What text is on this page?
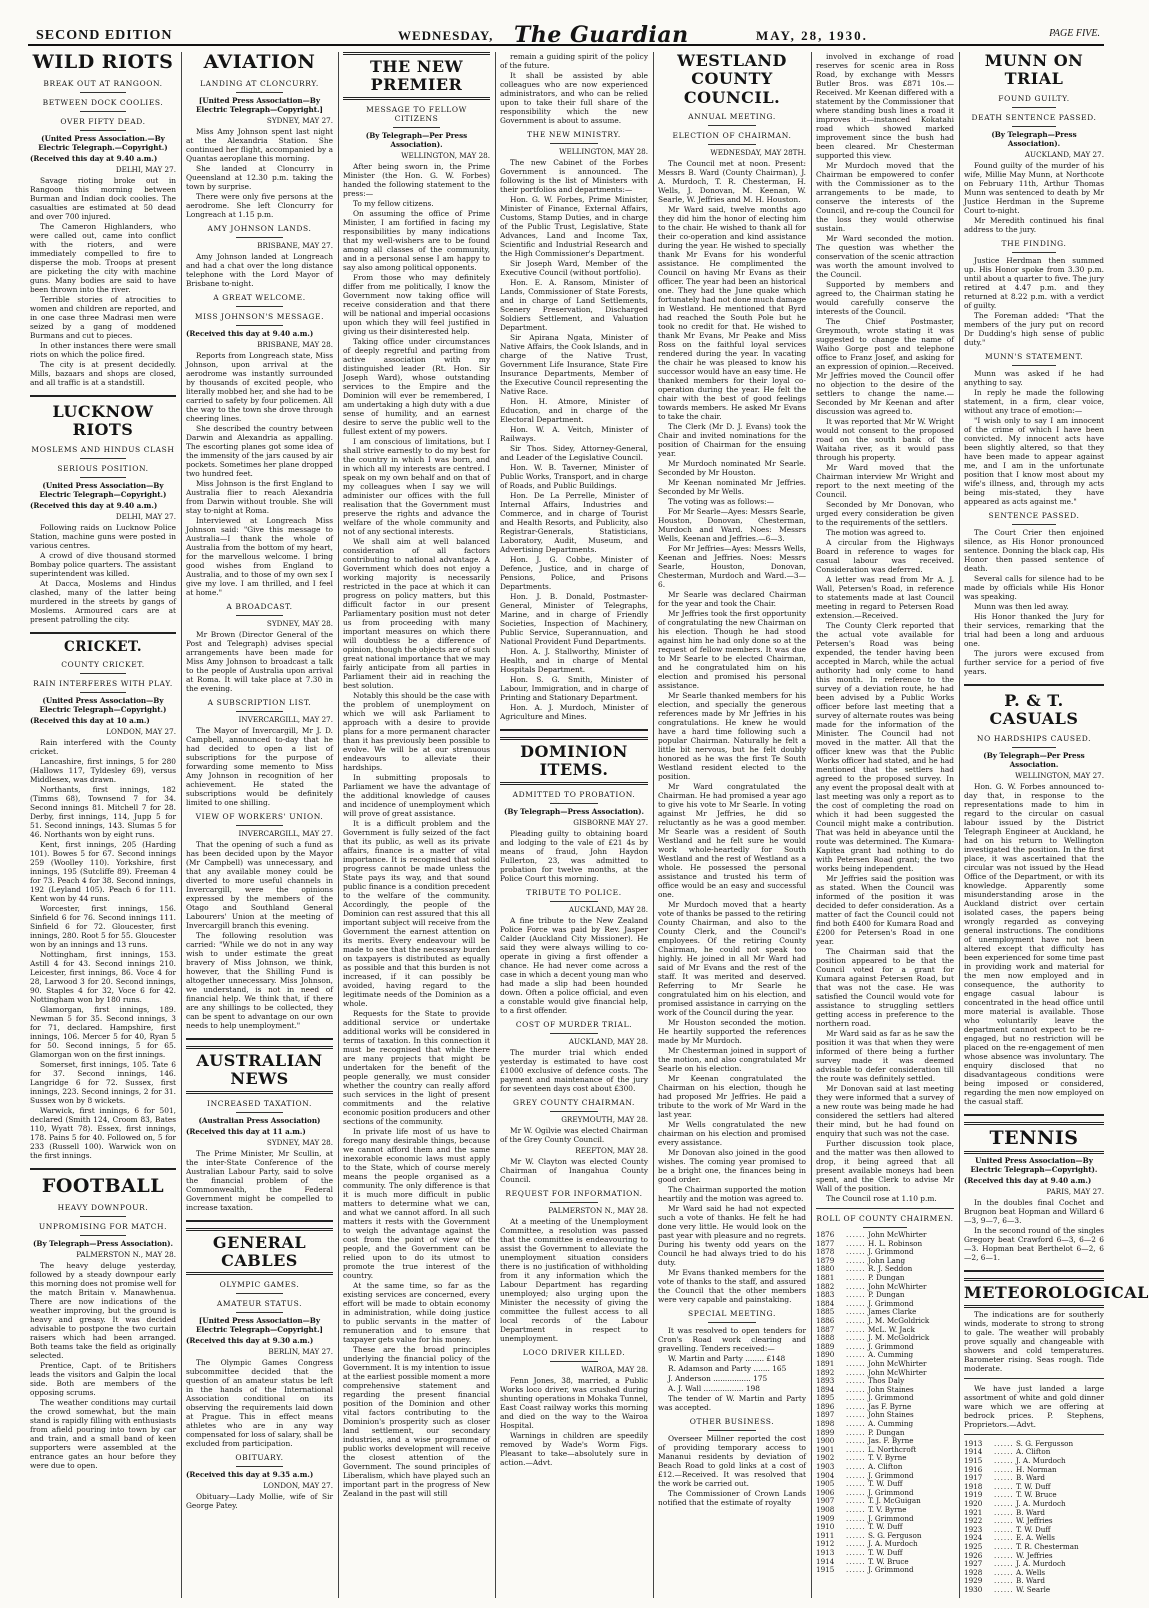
SECOND EDITION	WEDNESDAY, The Guardian	MAY, 28, 1930.	PAGE FIVE.
WILD RIOTS
BREAK OUT AT RANGOON.
BETWEEN DOCK COOLIES.
OVER FIFTY DEAD.
(United Press Association.—By Electric Telegraph.—Copyright.)
(Received this day at 9.40 a.m.)
DELHI, MAY 27.
Savage rioting broke out in Rangoon this morning between Burman and Indian dock coolies. The casualties are estimated at 50 dead and over 700 injured.
The Cameron Highlanders, who were called out, came into conflict with the rioters, and were immediately compelled to fire to disperse the mob. Troops at present are picketing the city with machine guns. Many bodies are said to have been thrown into the river.
Terrible stories of atrocities to women and children are reported, and in one case three Madrasi men were seized by a gang of moddened Burmans and cut to pieces.
In other instances there were small riots on which the police fired.
The city is at present decidedly. Mills, bazaars and shops are closed, and all traffic is at a standstill.
LUCKNOW RIOTS
MOSLEMS AND HINDUS CLASH
SERIOUS POSITION.
(United Press Association—By Electric Telegraph—Copyright.)
(Received this day at 9.40 a.m.)
DELHI, MAY 27.
Following raids on Lucknow Police Station, machine guns were posted in various centres.
A crowd of dive thousand stormed Bombay police quarters. The assistant superintendent was killed.
At Dacca, Moslems and Hindus clashed, many of the latter being murdered in the streets by gangs of Moslems. Armoured cars are at present patrolling the city.
CRICKET.
COUNTY CRICKET.
RAIN INTERFERES WITH PLAY.
(United Press Association—By Electric Telegraph—Copyright.)
(Received this day at 10 a.m.)
LONDON, MAY 27.
Rain interfered with the County cricket.
Lancashire, first innings, 5 for 280 (Hallows 117, Tyldesley 69), versus Middlesex, was drawn.
Northants, first innings, 182 (Timms 68), Townsend 7 for 34. Second innings 81. Mitchell 7 for 28. Derby, first innings, 114, Jupp 5 for 51. Second innings, 143. Slumas 5 for 46. Northants won by eight runs.
Kent, first innings, 205 (Harding 101). Bowes 5 for 67. Second innings 259 (Woolley 110). Yorkshire, first innings, 195 (Sutcliffe 89). Freeman 4 for 73. Peach 4 for 38. Second innings, 192 (Leyland 105). Peach 6 for 111. Kent won by 44 runs.
Worcester, first innings, 156. Sinfield 6 for 76. Second innings 111. Sinfield 6 for 72. Gloucester, first innings, 280. Root 5 for 55. Gloucester won by an innings and 13 runs.
Nottingham, first innings, 153. Astill 4 for 43. Second innings 210. Leicester, first innings, 86. Voce 4 for 28, Larwood 3 for 20. Second innings, 90. Staples 4 for 32, Voce 6 for 42. Nottingham won by 180 runs.
Glamorgan, first innings, 189. Newman 5 for 35. Second innings, 3 for 71, declared. Hampshire, first innings, 106. Mercer 5 for 40, Ryan 5 for 50. Second innings, 5 for 65. Glamorgan won on the first innings.
Somerset, first innings, 105. Tate 6 for 37. Second innings, 146. Langridge 6 for 72. Sussex, first innings, 223. Second innings, 2 for 31. Sussex won by 8 wickets.
Warwick, first innings, 6 for 501, declared (Smith 124, Croom 83, Bates 110, Wyatt 78). Essex, first innings, 178. Pains 5 for 40. Followed on, 5 for 233 (Russell 100). Warwick won on the first innings.
FOOTBALL
HEAVY DOWNPOUR.
UNPROMISING FOR MATCH.
(By Telegraph—Press Association).
PALMERSTON N., MAY 28.
The heavy deluge yesterday, followed by a steady downpour early this morning does not promise well for the match Britain v. Manawhenua. There are now indications of the weather improving, but the ground is heavy and greasy. It was decided advisable to postpone the two curtain raisers which had been arranged. Both teams take the field as originally selected.
Prentice, Capt. of te Britishers leads the visitors and Galpin the local side. Both are members of the opposing scrums.
The weather conditions may curtail the crowd somewhat, but the main stand is rapidly filling with enthusiasts from afield pouring into town by car and train, and a small band of keen supporters were assembled at the entrance gates an hour before they were due to open.
AVIATION
LANDING AT CLONCURRY.
[United Press Association—By Electric Telegraph—Copyright.]
SYDNEY, MAY 27.
Miss Amy Johnson spent last night at the Alexandria Station. She continued her flight, accompanied by a Quantas aeroplane this morning.
She landed at Cloncurry in Queensland at 12.30 p.m. taking the town by surprise.
There were only five persons at the aerodrome. She left Cloncurry for Longreach at 1.15 p.m.
AMY JOHNSON LANDS.
BRISBANE, MAY 27.
Amy Johnson landed at Longreach and had a chat over the long distance telephone with the Lord Mayor of Brisbane to-night.
A GREAT WELCOME.
MISS JOHNSON'S MESSAGE.
(Received this day at 9.40 a.m.)
BRISBANE, MAY 28.
Reports from Longreach state, Miss Johnson, upon arrival at the aerodrome was instantly surrounded by thousands of excited people, who literally mobbed her, and she had to be carried to safety by four policemen. All the way to the town she drove through cheering lines.
She described the country between Darwin and Alexandria as appalling. The escorting planes got some idea of the immensity of the jars caused by air pockets. Sometimes her plane dropped two hundred feet.
Miss Johnson is the first England to Australia flier to reach Alexandria from Darwin without trouble. She will stay to-night at Roma.
Interviewed at Longreach Miss Johnson said: "Give this message to Australia—I thank the whole of Australia from the bottom of my heart, for the marvellous welcome. I bring good wishes from England to Australia, and to those of my own sex I give my love. I am thrilled, and I feel at home."
A BROADCAST.
SYDNEY, MAY 28.
Mr Brown (Director General of the Post and Telegraph) advises special arrangements have been made for Miss Amy Johnson to broadcast a talk to the people of Australia upon arrival at Roma. It will take place at 7.30 in the evening.
A SUBSCRIPTION LIST.
INVERCARGILL, MAY 27.
The Mayor of Invercargill, Mr J. D. Campbell, announced to-day that he had decided to open a list of subscriptions for the purpose of forwarding some memento to Miss Amy Johnson in recognition of her achievement. He stated the subscriptions would be definitely limited to one shilling.
VIEW OF WORKERS' UNION.
INVERCARGILL, MAY 27.
That the opening of such a fund as has been decided upon by the Mayor (Mr Campbell) was unnecessary, and that any available money could be diverted to more useful channels in Invercargill, were the opinions expressed by the members of the Otago and Southland General Labourers' Union at the meeting of Invercargill branch this evening.
The following resolution was carried: "While we do not in any way wish to under estimate the great bravery of Miss Johnson, we think, however, that the Shilling Fund is altogether unnecessary. Miss Johnson, we understand, is not in need of financial help. We think that, if there are any shillings to be collected, they can be spent to advantage on our own needs to help unemployment."
AUSTRALIAN NEWS
INCREASED TAXATION.
(Australian Press Association)
(Received this day at 11 a.m.)
SYDNEY, MAY 28.
The Prime Minister, Mr Scullin, at the inter-State Conference of the Australian Labour Party, said to solve the financial problem of the Commonwealth, the Federal Government might be compelled to increase taxation.
GENERAL CABLES
OLYMPIC GAMES.
AMATEUR STATUS.
[United Press Association—By Electric Telegraph—Copyright.]
(Received this day at 9.30 a.m.)
BERLIN, MAY 27.
The Olympic Games Congress subcommittee decided that the question of an amateur status be left in the hands of the International Association conditional on its observing the requirements laid down at Prague. This in effect means athletes who are in any way compensated for loss of salary, shall be excluded from participation.
OBITUARY.
(Received this day at 9.35 a.m.)
LONDON, MAY 27.
Obituary—Lady Mollie, wife of Sir George Patey.
THE NEW PREMIER
MESSAGE TO FELLOW CITIZENS
(By Telegraph—Per Press Association).
WELLINGTON, MAY 28.
After being sworn in, the Prime Minister (the Hon. G. W. Forbes) handed the following statement to the press:—
To my fellow citizens.
On assuming the office of Prime Minister, I am fortified in facing my responsibilities by many indications that my well-wishers are to be found among all classes of the community, and in a personal sense I am happy to say also among political opponents.
From those who may definitely differ from me politically, I know the Government now taking office will receive consideration and that there will be national and imperial occasions upon which they will feel justified in giving us their disinterested help.
Taking office under circumstances of deeply regretful and parting from active association with my distinguished leader (Rt. Hon. Sir Joseph Ward), whose outstanding services to the Empire and the Dominion will ever be remembered, I am undertaking a high duty with a due sense of humility, and an earnest desire to serve the public well to the fullest extent of my powers.
I am conscious of limitations, but I shall strive earnestly to do my best for the country in which I was born, and in which all my interests are centred. I speak on my own behalf and on that of my colleagues when I say we will administer our offices with the full realisation that the Government must preserve the rights and advance the welfare of the whole community and not of any sectional interests.
We shall aim at well balanced consideration of all factors contributing to national advantage. A Government which does not enjoy a working majority is necessarily restricted in the pace at which it can progress on policy matters, but this difficult factor in our present Parliamentary position must not deter us from proceeding with many important measures on which there will doubtless be a difference of opinion, though the objects are of such great national importance that we may fairly anticipate from all parties in Parliament their aid in reaching the best solution.
Notably this should be the case with the problem of unemployment on which we will ask Parliament to approach with a desire to provide plans for a more permanent character than it has previously been possible to evolve. We will be at our strenuous endeavours to alleviate their hardships.
In submitting proposals to Parliament we have the advantage of the additional knowledge of causes and incidence of unemployment which will prove of great assistance.
It is a difficult problem and the Government is fully seized of the fact that its public, as well as its private affairs, finance is a matter of vital importance. It is recognised that solid progress cannot be made unless the State pays its way, and that sound public finance is a condition precedent to the welfare of the community. Accordingly, the people of the Dominion can rest assured that this all important subject will receive from the Government the earnest attention on its merits. Every endeavour will be made to see that the necessary burden on taxpayers is distributed as equally as possible and that this burden is not increased, if it can possibly be avoided, having regard to the legitimate needs of the Dominion as a whole.
Requests for the State to provide additional service or undertake additional works will be considered in terms of taxation. In this connection it must be recognised that while there are many projects that might be undertaken for the benefit of the people generally, we must consider whether the country can really afford such services in the light of present commitments and the relative economic position producers and other sections of the community.
In private life most of us have to forego many desirable things, because we cannot afford them and the same inexorable economic laws must apply to the State, which of course merely means the people organised as a community. The only difference is that it is much more difficult in public matters to determine what we can, and what we cannot afford. In all such matters it rests with the Government to weigh the advantage against the cost from the point of view of the people, and the Government can be relied upon to do its utmost to promote the true interest of the country.
At the same time, so far as the existing services are concerned, every effort will be made to obtain economy in administration, while doing justice to public servants in the matter of remuneration and to ensure that taxpayer gets value for his money.
These are the broad principles underlying the financial policy of the Government. It is my intention to issue at the earliest possible moment a more comprehensive statement and regarding the present financial position of the Dominion and other vital factors contributing to the Dominion's prosperity such as closer land settlement, our secondary industries, and a wise programme of public works development will receive the closest attention of the Government. The sound principles of Liberalism, which have played such an important part in the progress of New Zealand in the past will still
remain a guiding spirit of the policy of the future.
It shall be assisted by able colleagues who are now experienced administrators, and who can be relied upon to take their full share of the responsibility which the new Government is about to assume.
THE NEW MINISTRY.
WELLINGTON, MAY 28.
The new Cabinet of the Forbes Government is announced. The following is the list of Ministers with their portfolios and departments:—
Hon. G. W. Forbes, Prime Minister, Minister of Finance, External Affairs, Customs, Stamp Duties, and in charge of the Public Trust, Legislative, State Advances, Land and Income Tax, Scientific and Industrial Research and the High Commissioner's Department.
Sir Joseph Ward, Member of the Executive Council (without portfolio).
Hon. E. A. Ransom, Minister of Lands, Commissioner of State Forests, and in charge of Land Settlements, Scenery Preservation, Discharged Soldiers Settlement, and Valuation Department.
Sir Apirana Ngata, Minister of Native Affairs, the Cook Islands, and in charge of the Native Trust, Government Life Insurance, State Fire Insurance Departments, Member of the Executive Council representing the Native Race.
Hon. H. Atmore, Minister of Education, and in charge of the Electoral Department.
Hon. W. A. Veitch, Minister of Railways.
Sir Thos. Sidey, Attorney-General, and Leader of the Legislative Council.
Hon. W. B. Taverner, Minister of Public Works, Transport, and in charge of Roads, and Public Buildings.
Hon. De La Perrelle, Minister of Internal Affairs, Industries and Commerce, and in charge of Tourist and Health Resorts, and Publicity, also Registrar-Generals, Statisticians, Laboratory, Audit, Museum, and Advertising Departments.
Hon. J. G. Cobbe, Minister of Defence, Justice, and in charge of Pensions, Police, and Prisons Departments.
Hon. J. B. Donald, Postmaster-General, Minister of Telegraphs, Marine, and in charge of Friendly Societies, Inspection of Machinery, Public Service, Superannuation, and National Provident Fund Departments.
Hon. A. J. Stallworthy, Minister of Health, and in charge of Mental Hospitals Department.
Hon. S. G. Smith, Minister of Labour, Immigration, and in charge of Printing and Stationary Department.
Hon. A. J. Murdoch, Minister of Agriculture and Mines.
DOMINION ITEMS.
ADMITTED TO PROBATION.
(By Telegraph—Press Association).
GISBORNE MAY 27.
Pleading guilty to obtaining board and lodging to the vale of £21 4s by means of fraud, John Haydon Fullerton, 23, was admitted to probation for twelve months, at the Police Court this morning.
TRIBUTE TO POLICE.
AUCKLAND, MAY 28.
A fine tribute to the New Zealand Police Force was paid by Rev. Jasper Calder (Auckland City Missioner). He said they were always willing to co-operate in giving a first offender a chance. He had never come across a case in which a decent young man who had made a slip had been hounded down. Often a police official, and even a constable would give financial help, to a first offender.
COST OF MURDER TRIAL.
AUCKLAND, MAY 28.
The murder trial which ended yesterday is estimated to have cost £1000 exclusive of defence costs. The payment and maintenance of the jury for seventeen days cost about £300.
GREY COUNTY CHAIRMAN.
GREYMOUTH, MAY 28.
Mr W. Ogilvie was elected Chairman of the Grey County Council.
REEFTON, MAY 28.
Mr W. Clayton was elected County Chairman of Inangahua County Council.
REQUEST FOR INFORMATION.
PALMERSTON N., MAY 28.
At a meeting of the Unemployment Committee, a resolution was passed that the committee is endeavouring to assist the Government to alleviate the unemployment situation considers there is no justification of withholding from it any information which the Labour Department has regarding unemployed; also urging upon the Minister the necessity of giving the committee the fullest access to all local records of the Labour Department in respect to unemployment.
LOCO DRIVER KILLED.
WAIROA, MAY 28.
Fenn Jones, 38, married, a Public Works loco driver, was crushed during shunting operations in Mohaka Tunnel, East Coast railway works this morning and died on the way to the Wairoa Hospital.
Warnings in children are speedily removed by Wade's Worm Figs. Pleasant to take—absolutely sure in action.—Advt.
WESTLAND COUNTY COUNCIL.
ANNUAL MEETING.
ELECTION OF CHAIRMAN.
WEDNESDAY, MAY 28TH.
The Council met at noon. Present: Messrs B. Ward (County Chairman), J. A. Murdoch, T. R. Chesterman, H. Wells, J. Donovan, M. Keenan, W. Searle, W. Jeffries and M. H. Houston.
Mr Ward said, twelve months ago they did him the honor of electing him to the chair. He wished to thank all for their co-operation and kind assistance during the year. He wished to specially thank Mr Evans for his wonderful assistance. He complimented the Council on having Mr Evans as their officer. The year had been an historical one. They had the June quake which fortunately had not done much damage in Westland. He mentioned that Byrd had reached the South Pole but he took no credit for that. He wished to thank Mr Evans, Mr Peake and Miss Ross on the faithful loyal services rendered during the year. In vacating the chair he was pleased to know his successor would have an easy time. He thanked members for their loyal co-operation during the year. He felt the chair with the best of good feelings towards members. He asked Mr Evans to take the chair.
The Clerk (Mr D. J. Evans) took the Chair and invited nominations for the position of Chairman for the ensuing year.
Mr Murdoch nominated Mr Searle. Seconded by Mr Houston.
Mr Keenan nominated Mr Jeffries. Seconded by Mr Wells.
The voting was as follows:—
For Mr Searle—Ayes: Messrs Searle, Houston, Donovan, Chesterman, Murdoch and Ward. Noes: Messrs Wells, Keenan and Jeffries.—6—3.
For Mr Jeffries—Ayes: Messrs Wells, Keenan and Jeffries. Noes: Messrs Searle, Houston, Donovan, Chesterman, Murdoch and Ward.—3—6.
Mr Searle was declared Chairman for the year and took the Chair.
Mr Jeffries took the first opportunity of congratulating the new Chairman on his election. Though he had stood against him he had only done so at the request of fellow members. It was due to Mr Searle to be elected Chairman, and he congratulated him on his election and promised his personal assistance.
Mr Searle thanked members for his election, and specially the generous references made by Mr Jeffries in his congratulations. He knew he would have a hard time following such a popular Chairman. Naturally he felt a little bit nervous, but he felt doubly honored as he was the first Te South Westland resident elected to the position.
Mr Ward congratulated the Chairman. He had promised a year ago to give his vote to Mr Searle. In voting against Mr Jeffries, he did so reluctantly as he was a good member. Mr Searle was a resident of South Westland and he felt sure he would work whole-heartedly for South Westland and the rest of Westland as a whole. He possessed the personal assistance and trusted his term of office would be an easy and successful one.
Mr Murdoch moved that a hearty vote of thanks be passed to the retiring County Chairman, and also to the County Clerk, and the Council's employees. Of the retiring County Chairman, he could not speak too highly. He joined in all Mr Ward had said of Mr Evans and the rest of the staff. It was merited and deserved. Referring to Mr Searle he congratulated him on his election, and promised assistance in carrying on the work of the Council during the year.
Mr Houston seconded the motion. He heartily supported the references made by Mr Murdoch.
Mr Chesterman joined in support of the motion, and also congratulated Mr Searle on his election.
Mr Keenan congratulated the Chairman on his election, though he had proposed Mr Jeffries. He paid a tribute to the work of Mr Ward in the last year.
Mr Wells congratulated the new chairman on his election and promised every assistance.
Mr Donovan also joined in the good wishes. The coming year promised to be a bright one, the finances being in good order.
The Chairman supported the motion heartily and the motion was agreed to.
Mr Ward said he had not expected such a vote of thanks. He felt he had done very little. He would look on the past year with pleasure and no regrets. During his twenty odd years on the Council he had always tried to do his duty.
Mr Evans thanked members for the vote of thanks to the staff, and assured the Council that the other members were very capable and painstaking.
SPECIAL MEETING.
It was resolved to open tenders for Cron's Road work clearing and gravelling. Tenders received:—
W. Martin and Party ........ £148
R. Adamson and Party ....... 165
J. Anderson ................ 175
A. J. Wall ................. 198
The tender of W. Martin and Party was accepted.
OTHER BUSINESS.
Overseer Millner reported the cost of providing temporary access to Mananui residents by deviation of Beach Road to gold links at a cost of £12.—Received. It was resolved that the work be carried out.
The Commissioner of Crown Lands notified that the estimate of royalty
involved in exchange of road reserves for scenic area in Ross Road, by exchange with Messrs Butler Bros. was £871 10s.—Received. Mr Keenan differed with a statement by the Commissioner that where standing bush lines a road it improves it—instanced Kokatahi road which showed marked improvement since the bush had been cleared. Mr Chesterman supported this view.
Mr Murdoch moved that the Chairman be empowered to confer with the Commissioner as to the arrangements to be made, to conserve the interests of the Council, and re-coup the Council for the loss they would otherwise sustain.
Mr Ward seconded the motion. The question was whether the conservation of the scenic attraction was worth the amount involved to the Council.
Supported by members and agreed to, the Chairman stating he would carefully conserve the interests of the Council.
The Chief Postmaster, Greymouth, wrote stating it was suggested to change the name of Waiho Gorge post and telephone office to Franz Josef, and asking for an expression of opinion.—Received. Mr Jeffries moved the Council offer no objection to the desire of the settlers to change the name.—Seconded by Mr Keenan and after discussion was agreed to.
It was reported that Mr W. Wright would not consent to the proposed road on the south bank of the Waitaha river, as it would pass through his property.
Mr Ward moved that the Chairman interview Mr Wright and report to the next meeting of the Council.
Seconded by Mr Donovan, who urged every consideration be given to the requirements of the settlers.
The motion was agreed to.
A circular from the Highways Board in reference to wages for casual labour was received. Consideration was deferred.
A letter was read from Mr A. J. Wall, Petersen's Road, in reference to statements made at last Council meeting in regard to Petersen Road extension.—Received.
The County Clerk reported that the actual vote available for Petersen's Road was being expended, the tender having been accepted in March, while the actual authority had only come to hand this month. In reference to the survey of a deviation route, he had been advised by a Public Works officer before last meeting that a survey of alternate routes was being made for the information of the Minister. The Council had not moved in the matter. All that the officer knew was that the Public Works officer had stated, and he had mentioned that the settlers had agreed to the proposed survey. In any event the proposal dealt with at last meeting was only a report as to the cost of completing the road on which it had been suggested the Council might make a contribution. That was held in abeyance until the route was determined. The Kumara-Kapitea grant had nothing to do with Petersen Road grant; the two works being independent.
Mr Jeffries said the position was as stated. When the Council was informed of the position it was decided to defer consideration. As a matter of fact the Council could not find both £400 for Kumara Road and £200 for Petersen's Road in one year.
The Chairman said that the position appeared to be that the Council voted for a grant for Kumara against Petersen Road, but that was not the case. He was satisfied the Council would vote for assistance to struggling settlers getting access in preference to the northern road.
Mr Ward said as far as he saw the position it was that when they were informed of there being a further survey made it was deemed advisable to defer consideration till the route was definitely settled.
Mr Donovan said at last meeting they were informed that a survey of a new route was being made he had considered the settlers had altered their mind, but he had found on enquiry that such was not the case.
Further discussion took place, and the matter was then allowed to drop, it being agreed that all present available moneys had been spent, and the Clerk to advise Mr Wall of the position.
The Council rose at 1.10 p.m.
ROLL OF COUNTY CHAIRMEN.
1876	......	John McWhirter
1877	......	H. L. Robinson
1878	......	J. Grimmond
1879	......	John Lang
1880	......	R. J. Seddon
1881	......	P. Dungan
1882	......	John McWhirter
1883	......	P. Dungan
1884	......	J. Grimmond
1885	......	James Clarke
1886	......	J. M. McGoldrick
1887	......	McL. W. Jack
1888	......	J. M. McGoldrick
1889	......	J. Grimmond
1890	......	A. Cumming
1891	......	John McWhirter
1892	......	John McWhirter
1893	......	Thos Daly
1894	......	John Staines
1895	......	J. Grimmond
1896	......	Jas F. Byrne
1897	......	John Staines
1898	......	A. Cumming
1899	......	P. Dungan
1900	......	Jas. F. Byrne
1901	......	L. Northcroft
1902	......	T. V. Byrne
1903	......	A. Clifton
1904	......	J. Grimmond
1905	......	T. W. Duff
1906	......	J. Grimmond
1907	......	T. J. McGuigan
1908	......	T. V. Byrne
1909	......	J. Grimmond
1910	......	T. W. Duff
1911	......	S. G. Ferguson
1912	......	J. A. Murdoch
1913	......	T. W. Duff
1914	......	T. W. Bruce
1915	......	J. Grimmond
MUNN ON TRIAL
FOUND GUILTY.
DEATH SENTENCE PASSED.
(By Telegraph—Press Association).
AUCKLAND, MAY 27.
Found guilty of the murder of his wife, Millie May Munn, at Northcote on February 11th, Arthur Thomas Munn was sentenced to death by Mr Justice Herdman in the Supreme Court to-night.
Mr Meredith continued his final address to the jury.
THE FINDING.
Justice Herdman then summed up. His Honor spoke from 3.30 p.m. until about a quarter to five. The jury retired at 4.47 p.m. and they returned at 8.22 p.m. with a verdict of guilty.
The Foreman added: "That the members of the jury put on record Dr Dudding's high sense of public duty."
MUNN'S STATEMENT.
Munn was asked if he had anything to say.
In reply he made the following statement, in a firm, clear voice, without any trace of emotion:—
"I wish only to say I am innocent of the crime of which I have been convicted. My innocent acts have been slightly altered, so that they have been made to appear against me, and I am in the unfortunate position that I know most about my wife's illness, and, through my acts being mis-stated, they have appeared as acts against me."
SENTENCE PASSED.
The Court Crier then enjoined silence, as His Honor pronounced sentence. Donning the black cap, His Honor then passed sentence of death.
Several calls for silence had to be made by officials while His Honor was speaking.
Munn was then led away.
His Honor thanked the Jury for their services, remarking that the trial had been a long and arduous one.
The jurors were excused from further service for a period of five years.
P. & T. CASUALS
NO HARDSHIPS CAUSED.
(By Telegraph—Per Press Association.
WELLINGTON, MAY 27.
Hon. G. W. Forbes announced to-day that, in response to the representations made to him in regard to the circular on casual labour issued by the District Telegraph Engineer at Auckland, he had on his return to Wellington investigated the position. In the first place, it was ascertained that the circular was not issued by the Head Office of the Department, or with its knowledge. Apparently some misunderstanding arose in the Auckland district over certain isolated cases, the papers being wrongly regarded as conveying general instructions. The conditions of unemployment have not been altered except that difficulty has been experienced for some time past in providing work and material for the men now employed and in consequence, the authority to engage casual labour is concentrated in the head office until more material is available. Those who voluntarily leave the department cannot expect to be re-engaged, but no restriction will be placed on the re-engagement of men whose absence was involuntary. The enquiry disclosed that no disadvantageous conditions were being imposed or considered, regarding the men now employed on the casual staff.
TENNIS
United Press Association—By Electric Telegraph—Copyright).
(Received this day at 9.40 a.m.)
PARIS, MAY 27.
In the doubles final Cochet and Brugnon beat Hopman and Willard 6—3, 9—7, 6—3.
In the second round of the singles Gregory beat Crawford 6—3, 6—2 6—3. Hopman beat Berthelot 6—2, 6—2, 6—1.
METEOROLOGICAL
The indications are for southerly winds, moderate to strong to strong to gale. The weather will probably prove squally and changeable with showers and cold temperatures. Barometer rising. Seas rough. Tide moderate.
We have just landed a large assortment of white and gold dinner ware which we are offering at bedrock prices. P. Stephens, Proprietors.—Advt.
1913	......	S. G. Fergusson
1914	......	A. Clifton
1915	......	J. A. Murdoch
1916	......	H. Norman
1917	......	B. Ward
1918	......	T. W. Duff
1919	......	T. W. Bruce
1920	......	J. A. Murdoch
1921	......	B. Ward
1922	......	W. Jeffries
1923	......	T. W. Duff
1924	......	E. A. Wells
1925	......	T. R. Chesterman
1926	......	W. Jeffries
1927	......	J. A. Murdoch
1928	......	A. Wells
1929	......	B. Ward
1930	......	W. Searle
